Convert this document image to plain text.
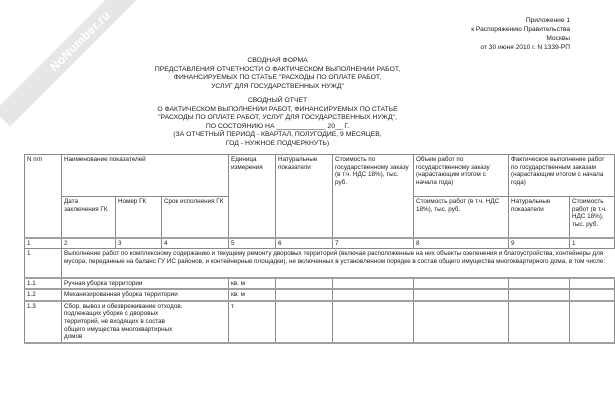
NoNumber.ru	Приложение 1
к Распоряжению Правительства
Москвы
от 30 июня 2010 г. N 1339-РП
СВОДНАЯ ФОРМА
ПРЕДСТАВЛЕНИЯ ОТЧЕТНОСТИ О ФАКТИЧЕСКОМ ВЫПОЛНЕНИИ РАБОТ,
ФИНАНСИРУЕМЫХ ПО СТАТЬЕ "РАСХОДЫ ПО ОПЛАТЕ РАБОТ,
УСЛУГ ДЛЯ ГОСУДАРСТВЕННЫХ НУЖД"
СВОДНЫЙ ОТЧЕТ
О ФАКТИЧЕСКОМ ВЫПОЛНЕНИИ РАБОТ, ФИНАНСИРУЕМЫХ ПО СТАТЬЕ
"РАСХОДЫ ПО ОПЛАТЕ РАБОТ, УСЛУГ ДЛЯ ГОСУДАРСТВЕННЫХ НУЖД",
ПО СОСТОЯНИЮ НА _____________ 20__ Г.
(ЗА ОТЧЕТНЫЙ ПЕРИОД - КВАРТАЛ, ПОЛУГОДИЕ, 9 МЕСЯЦЕВ,
ГОД - НУЖНОЕ ПОДЧЕРКНУТЬ)
N п/п	Наименование показателей			Единица измерения	Натуральные показатели	Стоимость по государственному заказу (в т.ч. НДС 18%), тыс. руб.	Объем работ по государственному заказу (нарастающим итогом с начала года)	Фактическое выполнение работ по государственным заказам (нарастающим итогом с начала года)	
	Дата заключения ГК	Номер ГК	Срок исполнения ГК				Стоимость работ (в т.ч. НДС 18%), тыс. руб.	Натуральные показатели	Стоимость работ (в т.ч. НДС 18%), тыс. руб.
1	2	3	4	5	6	7	8	9	1
1	Выполнение работ по комплексному содержанию и текущему ремонту дворовых территорий (включая расположенные на них объекты озеленения и благоустройства, контейнеры для мусора, переданные на баланс ГУ ИС районов, и контейнерные площадки), не включенных в установленном порядке в состав общего имущества многоквартирного дома, в том числе:								
1.1	Ручная уборка территории			кв. м					
1.2	Механизированная уборка территории			кв. м					
1.3	Сбор, вывоз и обезвреживание отходов, подлежащих уборке с дворовых территорий, не входящих в состав общего имущества многоквартирных домов			т					
